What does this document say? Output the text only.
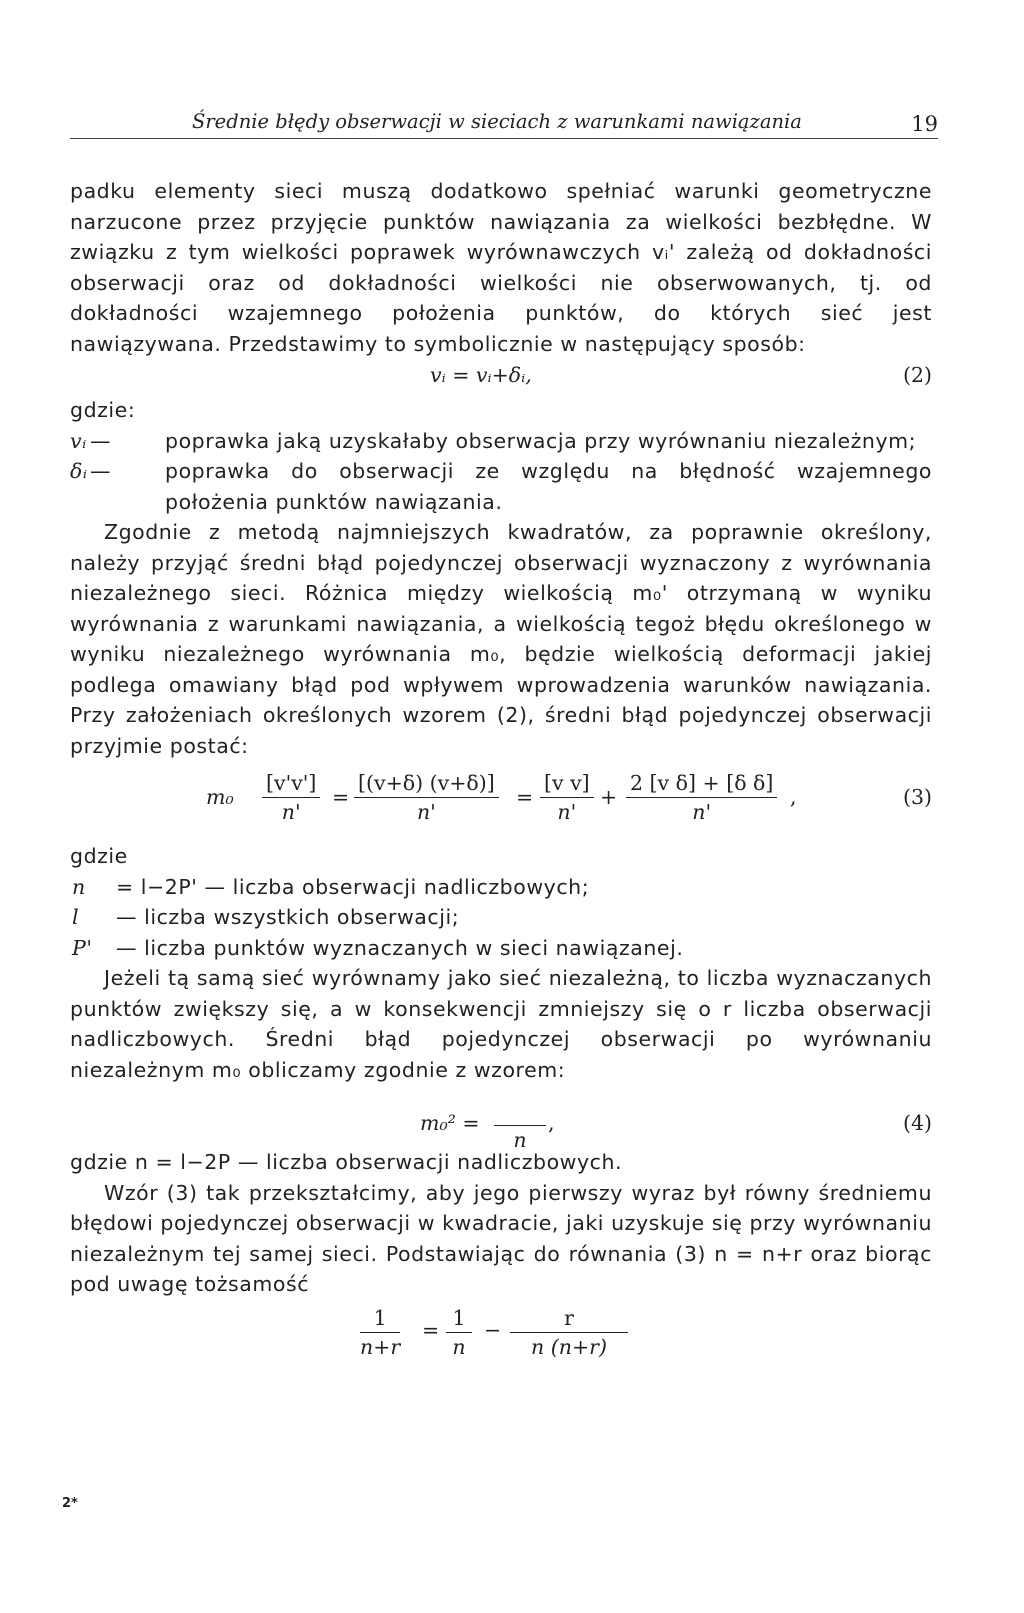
Średnie błędy obserwacji w sieciach z warunkami nawiązania	19

padku elementy sieci muszą dodatkowo spełniać warunki geometryczne narzucone przez przyjęcie punktów nawiązania za wielkości bezbłędne. W związku z tym wielkości poprawek wyrównawczych vᵢ' zależą od dokładności obserwacji oraz od dokładności wielkości nie obserwowanych, tj. od dokładności wzajemnego położenia punktów, do których sieć jest nawiązywana. Przedstawimy to symbolicznie w następujący sposób:

vᵢ = vᵢ+δᵢ,	(2)
gdzie:
vᵢ —	poprawka jaką uzyskałaby obserwacja przy wyrównaniu niezależnym;
δᵢ —	poprawka do obserwacji ze względu na błędność wzajemnego położenia punktów nawiązania.

Zgodnie z metodą najmniejszych kwadratów, za poprawnie określony, należy przyjąć średni błąd pojedynczej obserwacji wyznaczony z wyrównania niezależnego sieci. Różnica między wielkością m₀' otrzymaną w wyniku wyrównania z warunkami nawiązania, a wielkością tegoż błędu określonego w wyniku niezależnego wyrównania m₀, będzie wielkością deformacji jakiej podlega omawiany błąd pod wpływem wprowadzenia warunków nawiązania. Przy założeniach określonych wzorem (2), średni błąd pojedynczej obserwacji przyjmie postać:

$m_0 \frac{[v'v']}{n'} = \frac{[(v+\delta) (v+\delta)]}{n'} = \frac{\text{[v v]}}{n'} + \frac{\text{2 [v δ] + [δ δ]}}{n'}$ ,	(3)
gdzie
n = l−2P' — liczba obserwacji nadliczbowych;
l — liczba wszystkich obserwacji;
P' — liczba punktów wyznaczanych w sieci nawiązanej.

Jeżeli tą samą sieć wyrównamy jako sieć niezależną, to liczba wyznaczanych punktów zwiększy się, a w konsekwencji zmniejszy się o r liczba obserwacji nadliczbowych. Średni błąd pojedynczej obserwacji po wyrównaniu niezależnym m₀ obliczamy zgodnie z wzorem:

m₀² =
n
,	(4)
gdzie n = l−2P — liczba obserwacji nadliczbowych.

Wzór (3) tak przekształcimy, aby jego pierwszy wyraz był równy średniemu błędowi pojedynczej obserwacji w kwadracie, jaki uzyskuje się przy wyrównaniu niezależnym tej samej sieci. Podstawiając do równania (3) n = n+r oraz biorąc pod uwagę tożsamość

$\frac{1}{n+r} = \frac{1}{n} - \frac{r}{n (n+r)}$
2*
